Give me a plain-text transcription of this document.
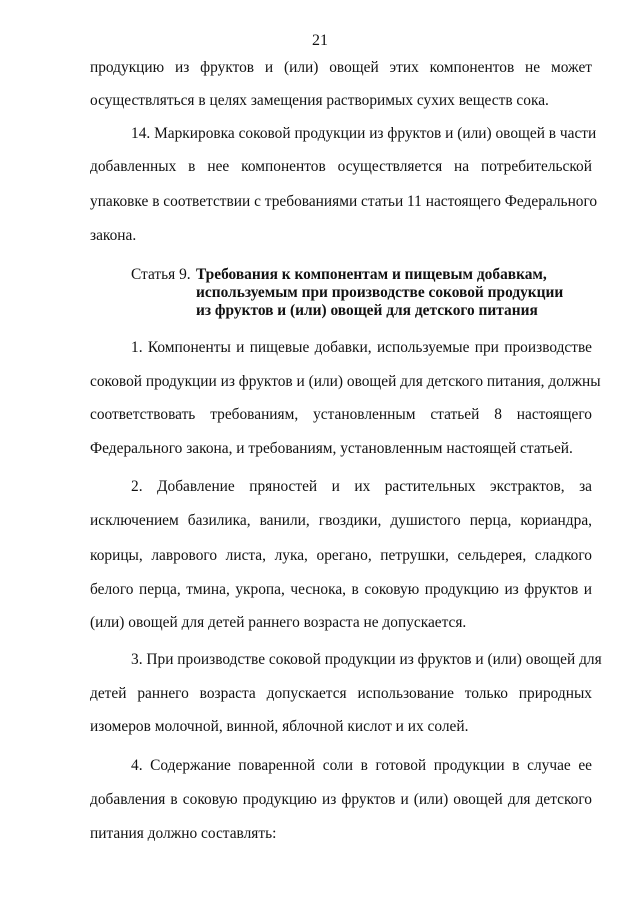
21
продукцию из фруктов и (или) овощей этих компонентов не может
осуществляться в целях замещения растворимых сухих веществ сока.
14. Маркировка соковой продукции из фруктов и (или) овощей в части
добавленных в нее компонентов осуществляется на потребительской
упаковке в соответствии с требованиями статьи 11 настоящего Федерального
закона.
Статья 9. Требования к компонентам и пищевым добавкам,
используемым при производстве соковой продукции
из фруктов и (или) овощей для детского питания
1. Компоненты и пищевые добавки, используемые при производстве
соковой продукции из фруктов и (или) овощей для детского питания, должны
соответствовать требованиям, установленным статьей 8 настоящего
Федерального закона, и требованиям, установленным настоящей статьей.
2. Добавление пряностей и их растительных экстрактов, за
исключением базилика, ванили, гвоздики, душистого перца, кориандра,
корицы, лаврового листа, лука, орегано, петрушки, сельдерея, сладкого
белого перца, тмина, укропа, чеснока, в соковую продукцию из фруктов и
(или) овощей для детей раннего возраста не допускается.
3. При производстве соковой продукции из фруктов и (или) овощей для
детей раннего возраста допускается использование только природных
изомеров молочной, винной, яблочной кислот и их солей.
4. Содержание поваренной соли в готовой продукции в случае ее
добавления в соковую продукцию из фруктов и (или) овощей для детского
питания должно составлять:
